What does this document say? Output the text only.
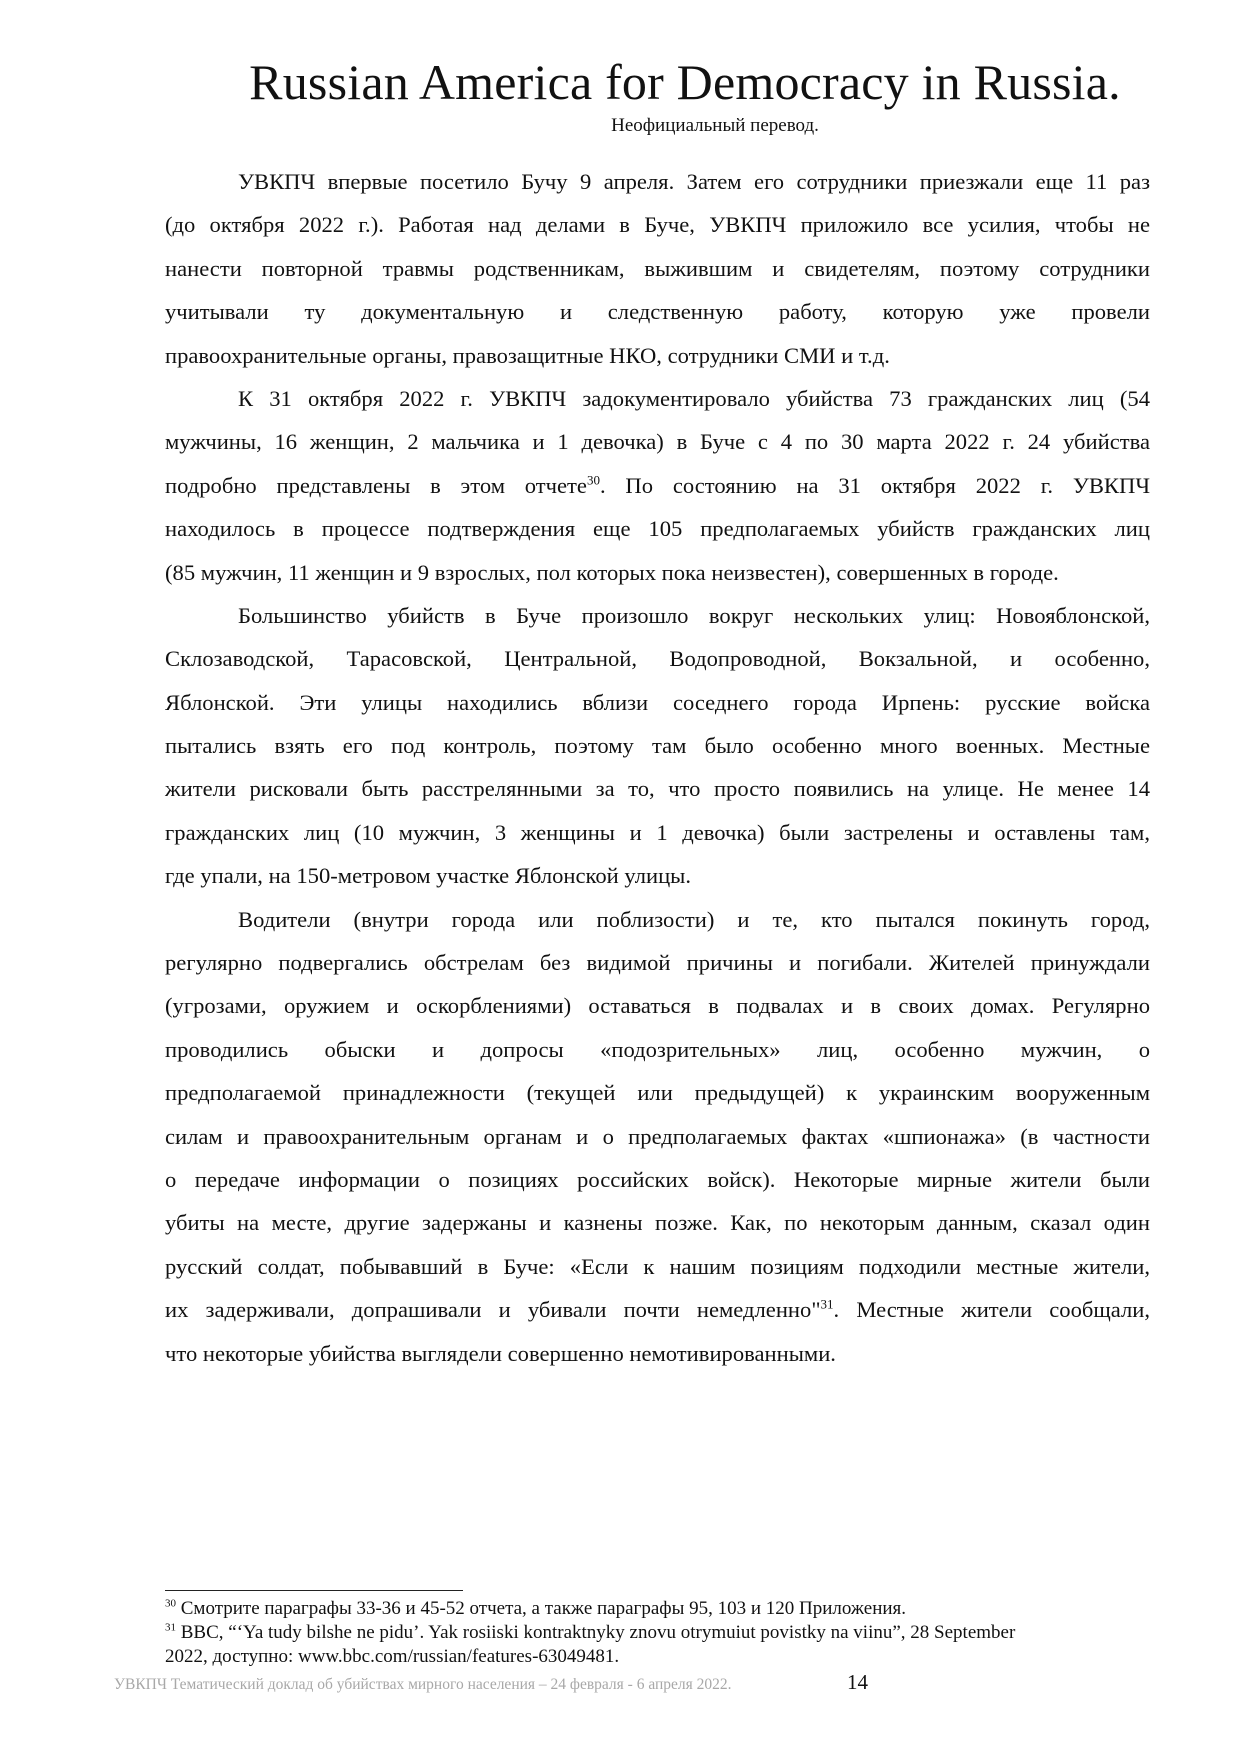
Russian America for Democracy in Russia.
Неофициальный перевод.
УВКПЧ впервые посетило Бучу 9 апреля. Затем его сотрудники приезжали еще 11 раз
(до октября 2022 г.). Работая над делами в Буче, УВКПЧ приложило все усилия, чтобы не
нанести повторной травмы родственникам, выжившим и свидетелям, поэтому сотрудники
учитывали ту документальную и следственную работу, которую уже провели
правоохранительные органы, правозащитные НКО, сотрудники СМИ и т.д.
К 31 октября 2022 г. УВКПЧ задокументировало убийства 73 гражданских лиц (54
мужчины, 16 женщин, 2 мальчика и 1 девочка) в Буче с 4 по 30 марта 2022 г. 24 убийства
подробно представлены в этом отчете$^{30}$. По состоянию на 31 октября 2022 г. УВКПЧ
находилось в процессе подтверждения еще 105 предполагаемых убийств гражданских лиц
(85 мужчин, 11 женщин и 9 взрослых, пол которых пока неизвестен), совершенных в городе.
Большинство убийств в Буче произошло вокруг нескольких улиц: Новояблонской,
Склозаводской, Тарасовской, Центральной, Водопроводной, Вокзальной, и особенно,
Яблонской. Эти улицы находились вблизи соседнего города Ирпень: русские войска
пытались взять его под контроль, поэтому там было особенно много военных. Местные
жители рисковали быть расстрелянными за то, что просто появились на улице. Не менее 14
гражданских лиц (10 мужчин, 3 женщины и 1 девочка) были застрелены и оставлены там,
где упали, на 150-метровом участке Яблонской улицы.
Водители (внутри города или поблизости) и те, кто пытался покинуть город,
регулярно подвергались обстрелам без видимой причины и погибали. Жителей принуждали
(угрозами, оружием и оскорблениями) оставаться в подвалах и в своих домах. Регулярно
проводились обыски и допросы «подозрительных» лиц, особенно мужчин, о
предполагаемой принадлежности (текущей или предыдущей) к украинским вооруженным
силам и правоохранительным органам и о предполагаемых фактах «шпионажа» (в частности
о передаче информации о позициях российских войск). Некоторые мирные жители были
убиты на месте, другие задержаны и казнены позже. Как, по некоторым данным, сказал один
русский солдат, побывавший в Буче: «Если к нашим позициям подходили местные жители,
их задерживали, допрашивали и убивали почти немедленно"$^{31}$. Местные жители сообщали,
что некоторые убийства выглядели совершенно немотивированными.
$^{30}$ Смотрите параграфы 33-36 и 45-52 отчета, а также параграфы 95, 103 и 120 Приложения.
$^{31}$ BBC, “‘Ya tudy bilshe ne pidu’. Yak rosiiski kontraktnyky znovu otrymuiut povistky na viinu”, 28 September
2022, доступно: www.bbc.com/russian/features-63049481.
УВКПЧ Тематический доклад об убийствах мирного населения – 24 февраля - 6 апреля 2022.	14
